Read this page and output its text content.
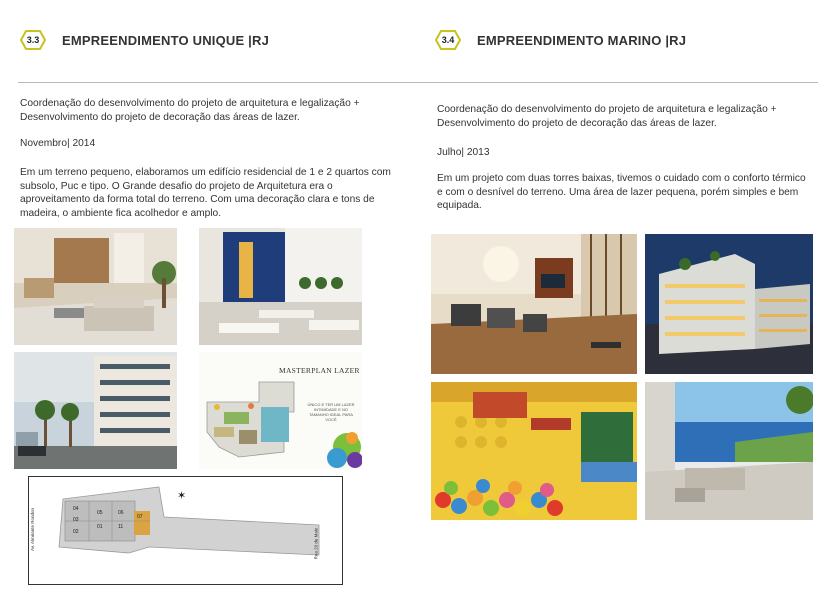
3.3	EMPREENDIMENTO UNIQUE |RJ	3.4	EMPREENDIMENTO MARINO |RJ
Coordenação do desenvolvimento do projeto de arquitetura e legalização + Desenvolvimento do projeto de decoração das áreas de lazer.
Novembro| 2014
Em um terreno pequeno, elaboramos um edifício residencial de 1 e 2 quartos com subsolo, Puc e tipo. O Grande desafio do projeto de Arquitetura era o aproveitamento da forma total do terreno. Com uma decoração clara e tons de madeira, o ambiente fica acolhedor e amplo.
Coordenação do desenvolvimento do projeto de arquitetura e legalização + Desenvolvimento do projeto de decoração das áreas de lazer.
Julho| 2013
Em um projeto com duas torres baixas, tivemos o cuidado com o conforto térmico e com o desnível do terreno. Uma área de lazer pequena, porém simples e bem equipada.
MASTERPLAN LAZER
ÚNICO E TER UM LAZER INTIMIDADE E NO TAMANHO IDEAL PARA VOCÊ
✶
04
05	06
07
03
01	11
02
Av. Almirante Rondon	Rua 29 de Maio
